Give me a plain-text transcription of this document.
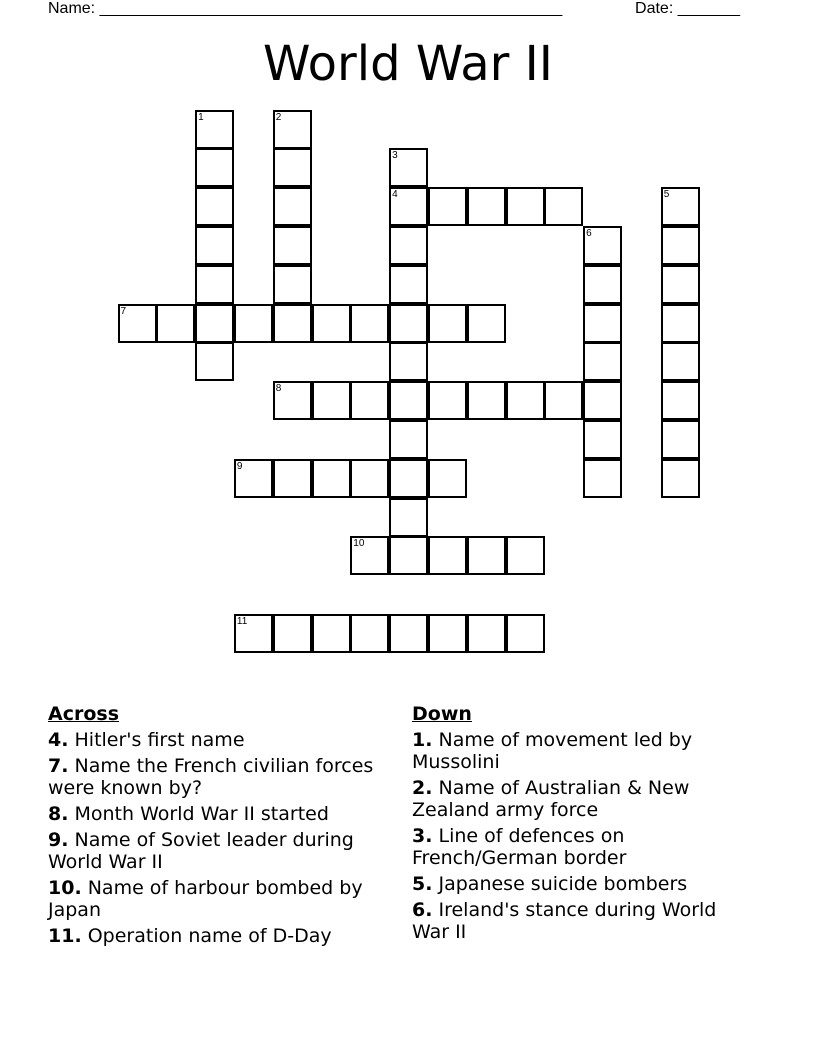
Name: ____________________________________________________	Date: _______
World War II
1	2
3
4	5
6
7
8
9
10
11
Across
4. Hitler's first name
7. Name the French civilian forces were known by?
8. Month World War II started
9. Name of Soviet leader during World War II
10. Name of harbour bombed by Japan
11. Operation name of D-Day
Down
1. Name of movement led by Mussolini
2. Name of Australian & New Zealand army force
3. Line of defences on French/German border
5. Japanese suicide bombers
6. Ireland's stance during World War II
